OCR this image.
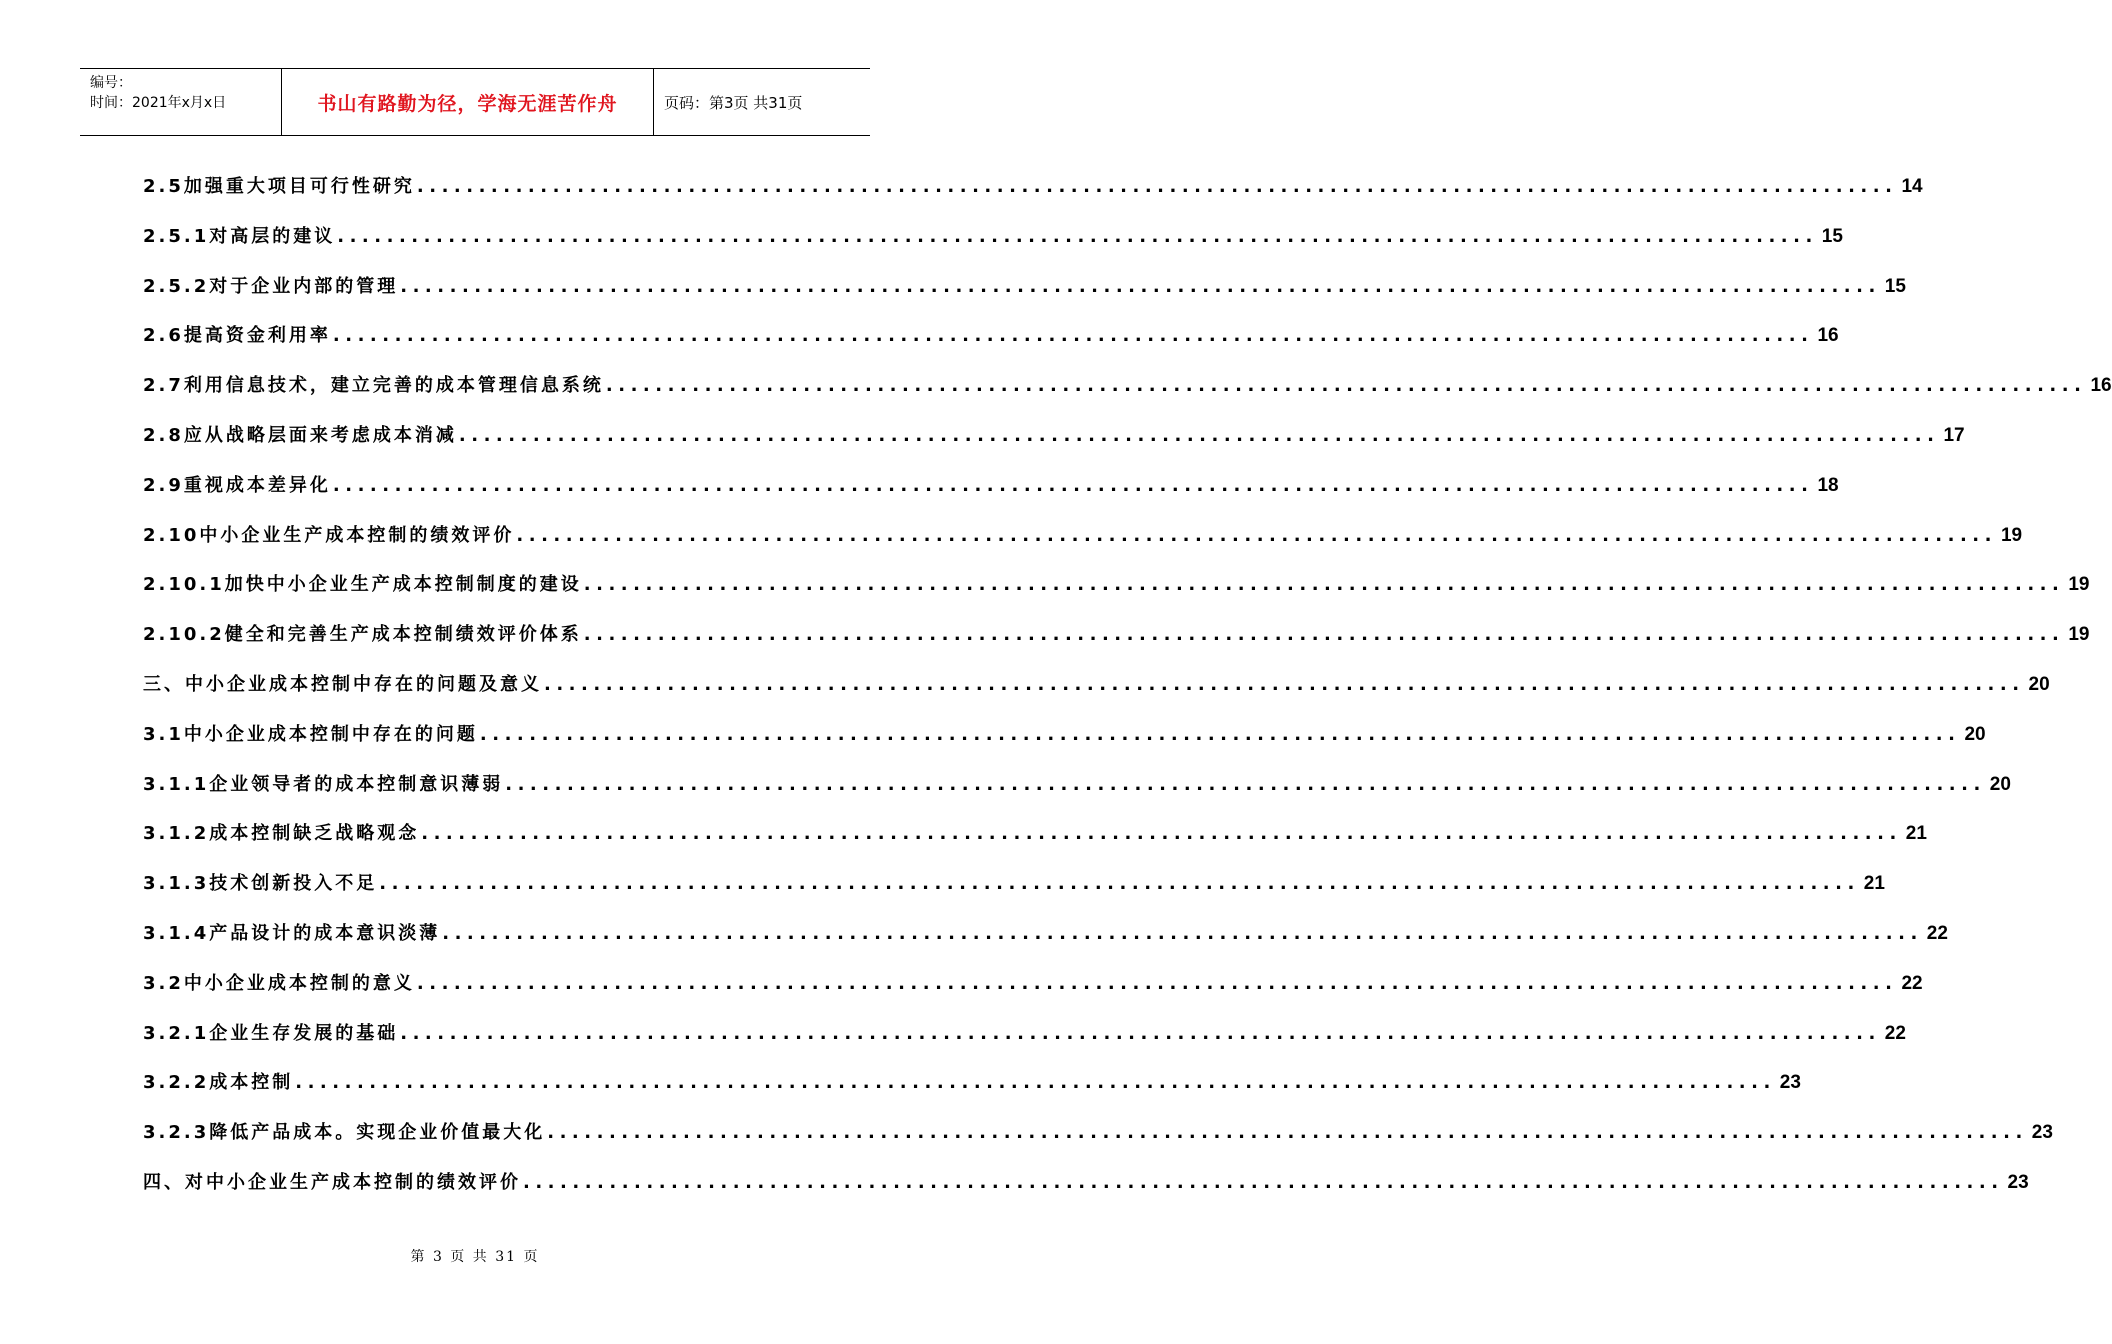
编号：
时间：2021年x月x日	书山有路勤为径，学海无涯苦作舟	页码：第3页 共31页
2.5加强重大项目可行性研究 ........................................................................................................................ 14
2.5.1对高层的建议 ........................................................................................................................ 15
2.5.2对于企业内部的管理 ........................................................................................................................ 15
2.6提高资金利用率 ........................................................................................................................ 16
2.7利用信息技术，建立完善的成本管理信息系统 ........................................................................................................................ 16
2.8应从战略层面来考虑成本消减 ........................................................................................................................ 17
2.9重视成本差异化 ........................................................................................................................ 18
2.10中小企业生产成本控制的绩效评价 ........................................................................................................................ 19
2.10.1加快中小企业生产成本控制制度的建设 ........................................................................................................................ 19
2.10.2健全和完善生产成本控制绩效评价体系 ........................................................................................................................ 19
三、中小企业成本控制中存在的问题及意义 ........................................................................................................................ 20
3.1中小企业成本控制中存在的问题 ........................................................................................................................ 20
3.1.1企业领导者的成本控制意识薄弱 ........................................................................................................................ 20
3.1.2成本控制缺乏战略观念 ........................................................................................................................ 21
3.1.3技术创新投入不足 ........................................................................................................................ 21
3.1.4产品设计的成本意识淡薄 ........................................................................................................................ 22
3.2中小企业成本控制的意义 ........................................................................................................................ 22
3.2.1企业生存发展的基础 ........................................................................................................................ 22
3.2.2成本控制 ........................................................................................................................ 23
3.2.3降低产品成本。实现企业价值最大化 ........................................................................................................................ 23
四、对中小企业生产成本控制的绩效评价 ........................................................................................................................ 23
第 3 页 共 31 页
